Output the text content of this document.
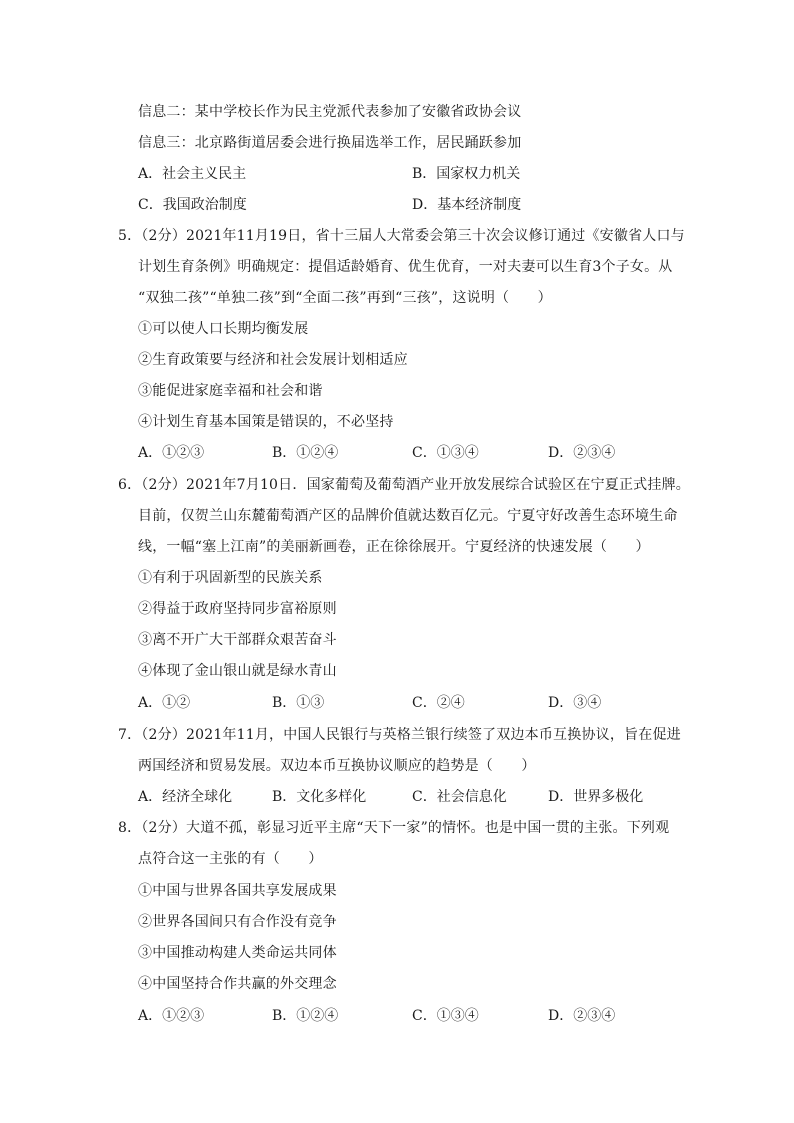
信息二：某中学校长作为民主党派代表参加了安徽省政协会议
信息三：北京路街道居委会进行换届选举工作，居民踊跃参加
A．社会主义民主	B．国家权力机关
C．我国政治制度	D．基本经济制度
5．（2分）2021年11月19日，省十三届人大常委会第三十次会议修订通过《安徽省人口与
计划生育条例》明确规定：提倡适龄婚育、优生优育，一对夫妻可以生育3个子女。从
“双独二孩”“单独二孩”到“全面二孩”再到“三孩”，这说明（　　）
①可以使人口长期均衡发展
②生育政策要与经济和社会发展计划相适应
③能促进家庭幸福和社会和谐
④计划生育基本国策是错误的，不必坚持
A．①②③	B．①②④	C．①③④	D．②③④
6．（2分）2021年7月10日．国家葡萄及葡萄酒产业开放发展综合试验区在宁夏正式挂牌。
目前，仅贺兰山东麓葡萄酒产区的品牌价值就达数百亿元。宁夏守好改善生态环境生命
线，一幅“塞上江南”的美丽新画卷，正在徐徐展开。宁夏经济的快速发展（　　）
①有利于巩固新型的民族关系
②得益于政府坚持同步富裕原则
③离不开广大干部群众艰苦奋斗
④体现了金山银山就是绿水青山
A．①②	B．①③	C．②④	D．③④
7．（2分）2021年11月，中国人民银行与英格兰银行续签了双边本币互换协议，旨在促进
两国经济和贸易发展。双边本币互换协议顺应的趋势是（　　）
A．经济全球化	B．文化多样化	C．社会信息化	D．世界多极化
8．（2分）大道不孤，彰显习近平主席“天下一家”的情怀。也是中国一贯的主张。下列观
点符合这一主张的有（　　）
①中国与世界各国共享发展成果
②世界各国间只有合作没有竞争
③中国推动构建人类命运共同体
④中国坚持合作共赢的外交理念
A．①②③	B．①②④	C．①③④	D．②③④
